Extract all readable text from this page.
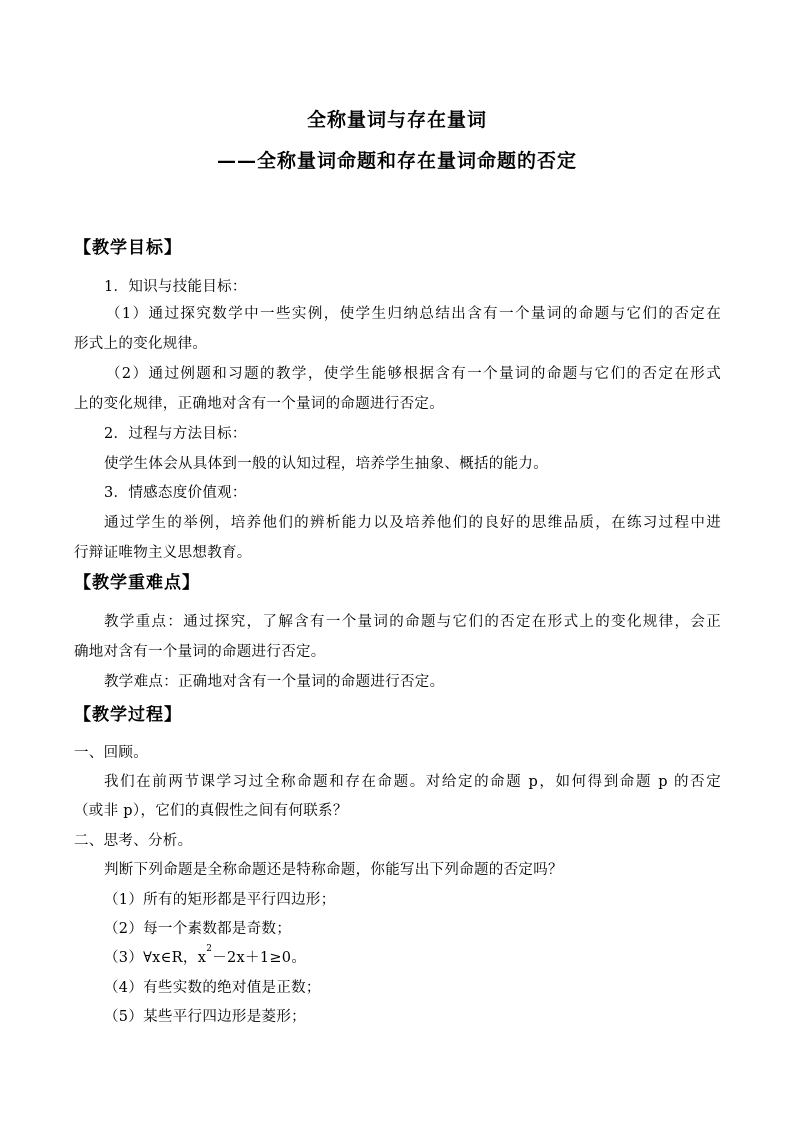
全称量词与存在量词
——全称量词命题和存在量词命题的否定
【教学目标】
1．知识与技能目标：
（1）通过探究数学中一些实例，使学生归纳总结出含有一个量词的命题与它们的否定在
形式上的变化规律。
（2）通过例题和习题的教学，使学生能够根据含有一个量词的命题与它们的否定在形式
上的变化规律，正确地对含有一个量词的命题进行否定。
2．过程与方法目标：
使学生体会从具体到一般的认知过程，培养学生抽象、概括的能力。
3．情感态度价值观：
通过学生的举例，培养他们的辨析能力以及培养他们的良好的思维品质，在练习过程中进
行辩证唯物主义思想教育。
【教学重难点】
教学重点：通过探究，了解含有一个量词的命题与它们的否定在形式上的变化规律，会正
确地对含有一个量词的命题进行否定。
教学难点：正确地对含有一个量词的命题进行否定。
【教学过程】
一、回顾。
我们在前两节课学习过全称命题和存在命题。对给定的命题 p，如何得到命题 p 的否定
（或非 p），它们的真假性之间有何联系？
二、思考、分析。
判断下列命题是全称命题还是特称命题，你能写出下列命题的否定吗？
（1）所有的矩形都是平行四边形；
（2）每一个素数都是奇数；
（3）∀x∈R，$x^2-2x+1\ge 0$。
（4）有些实数的绝对值是正数；
（5）某些平行四边形是菱形；
